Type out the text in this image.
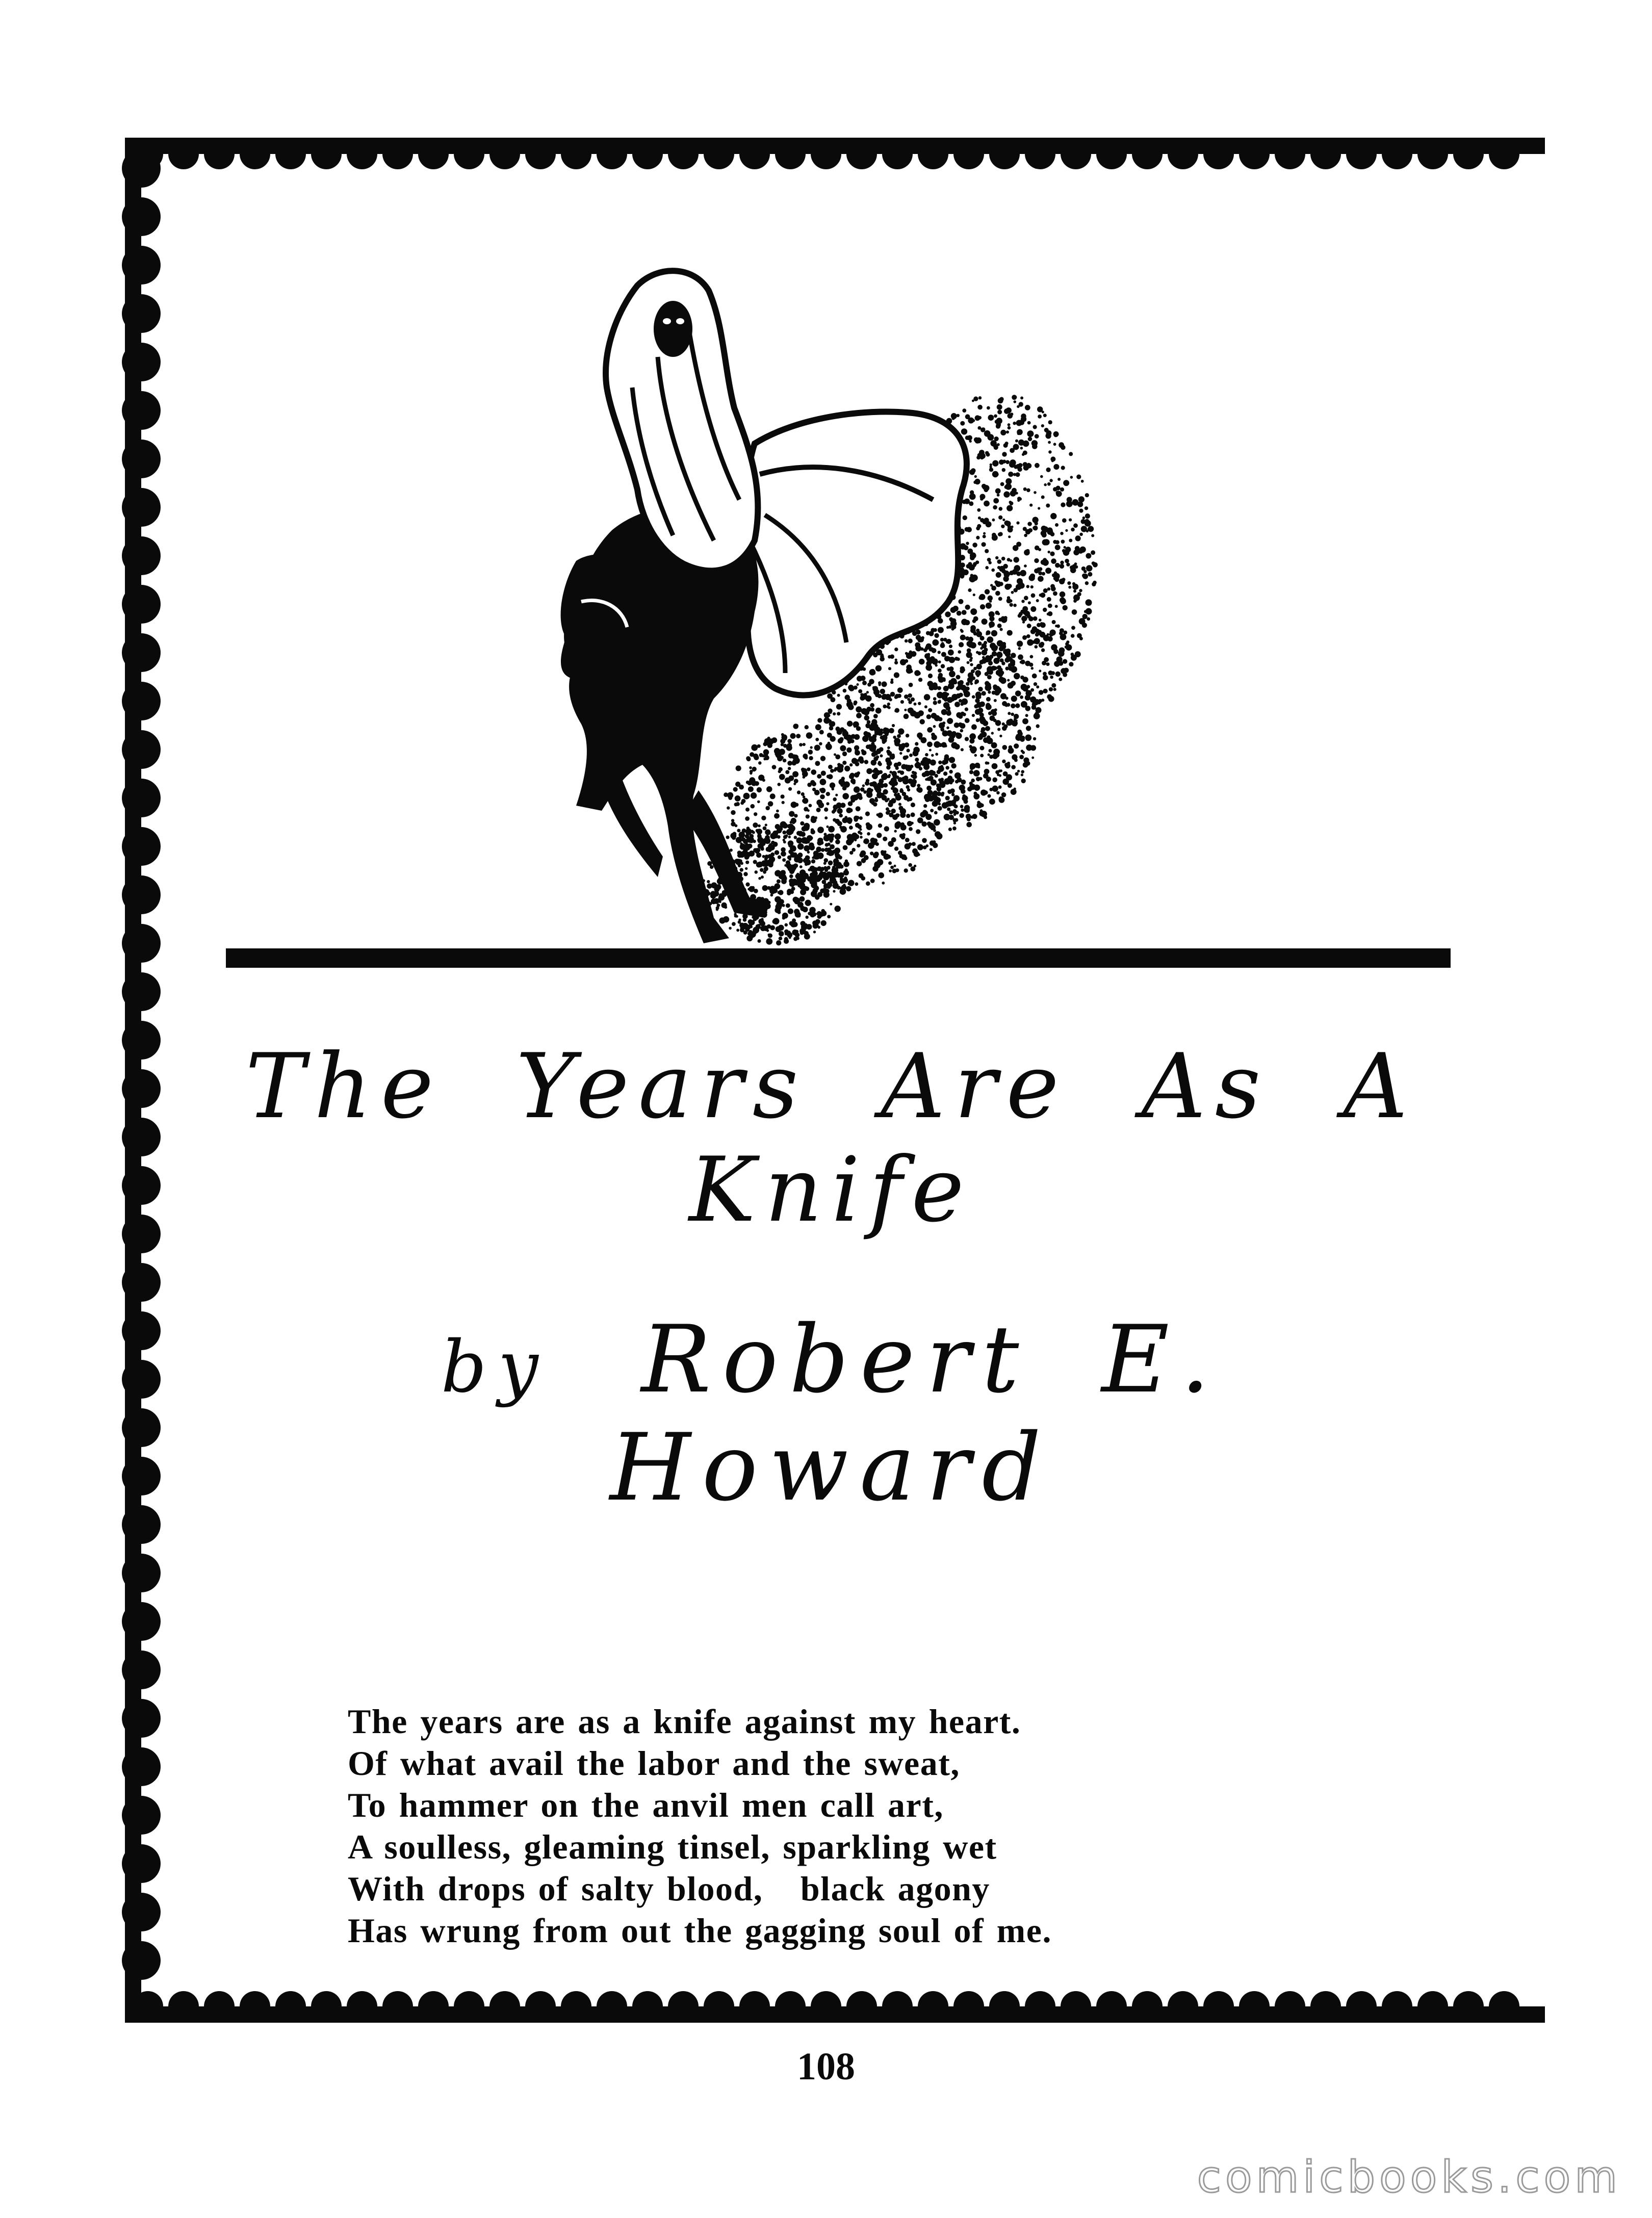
The Years Are As A Knife
by Robert E. Howard
The years are as a knife against my heart.
Of what avail the labor and the sweat,
To hammer on the anvil men call art,
A soulless, gleaming tinsel, sparkling wet
With drops of salty blood,   black agony
Has wrung from out the gagging soul of me.
108
comicbooks.com
